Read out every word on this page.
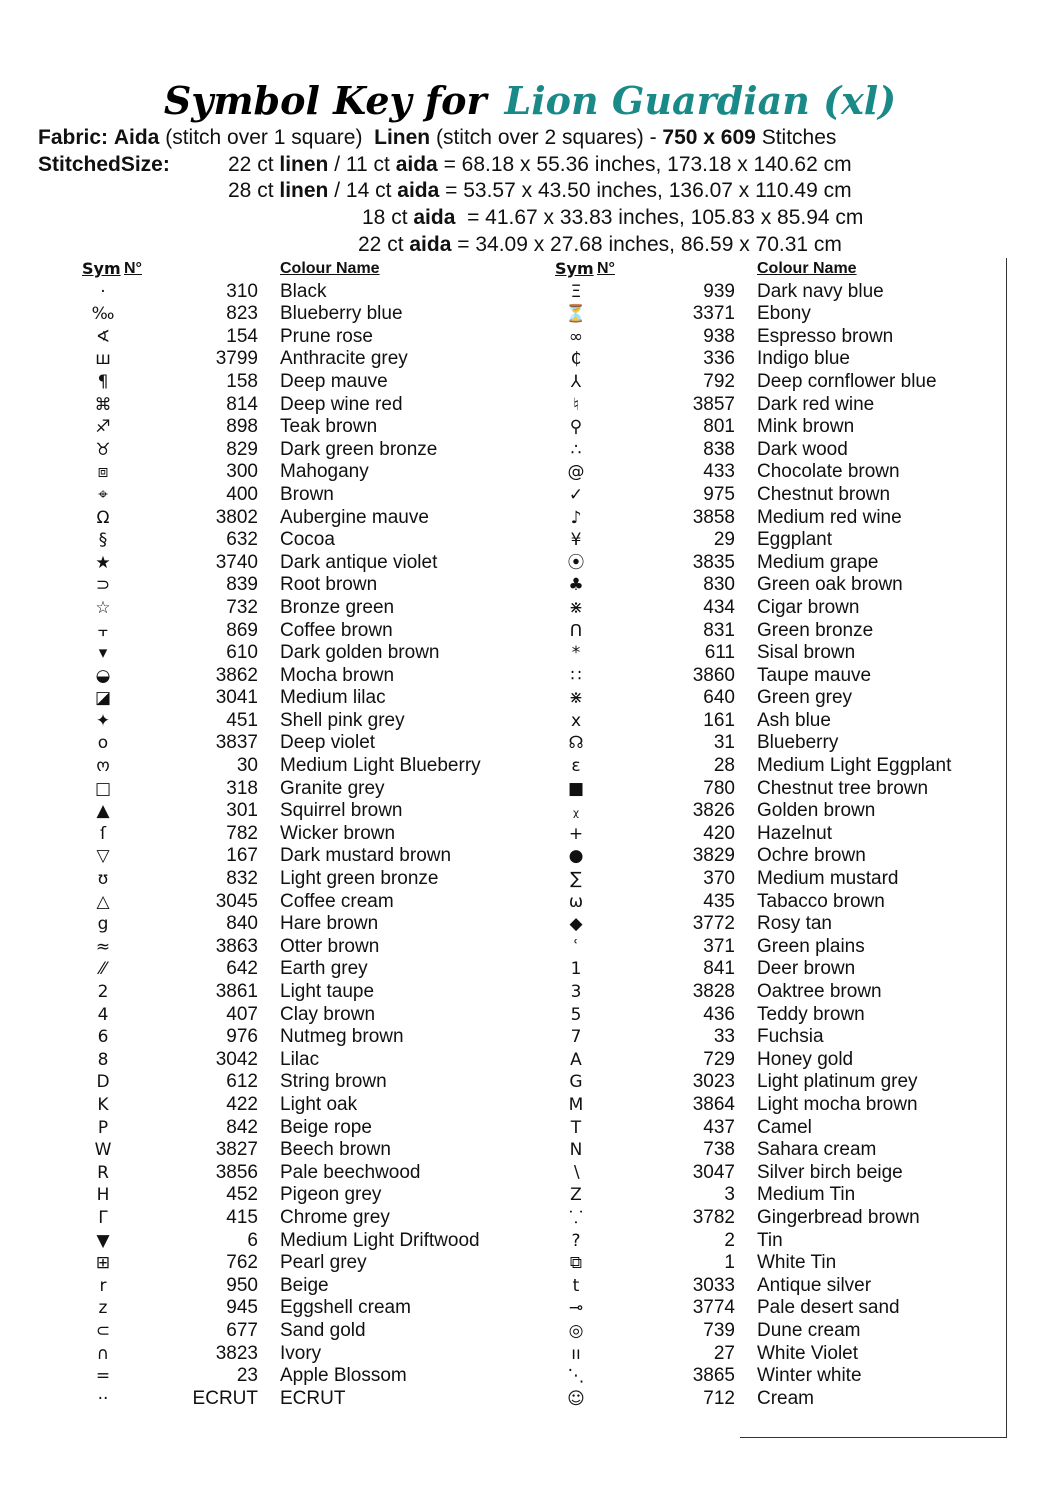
Symbol Key for Lion Guardian (xl)
Fabric: Aida (stitch over 1 square) Linen (stitch over 2 squares) - 750 x 609 Stitches
StitchedSize:	22 ct linen / 11 ct aida = 68.18 x 55.36 inches, 173.18 x 140.62 cm
28 ct linen / 14 ct aida = 53.57 x 43.50 inches, 136.07 x 110.49 cm
18 ct aida  = 41.67 x 33.83 inches, 105.83 x 85.94 cm
22 ct aida = 34.09 x 27.68 inches, 86.59 x 70.31 cm
Sym	N°	Colour Name
·	310	Black
‰	823	Blueberry blue
∢	154	Prune rose
ш	3799	Anthracite grey
¶	158	Deep mauve
⌘	814	Deep wine red
♐	898	Teak brown
♉	829	Dark green bronze
⧈	300	Mahogany
⌖	400	Brown
Ω	3802	Aubergine mauve
§	632	Cocoa
★	3740	Dark antique violet
⊃	839	Root brown
☆	732	Bronze green
⫟	869	Coffee brown
▾	610	Dark golden brown
◒	3862	Mocha brown
◪	3041	Medium lilac
✦	451	Shell pink grey
o	3837	Deep violet
ო	30	Medium Light Blueberry
□	318	Granite grey
▲	301	Squirrel brown
ſ	782	Wicker brown
▽	167	Dark mustard brown
ʊ	832	Light green bronze
△	3045	Coffee cream
g	840	Hare brown
≈	3863	Otter brown
⁄⁄	642	Earth grey
2	3861	Light taupe
4	407	Clay brown
6	976	Nutmeg brown
8	3042	Lilac
D	612	String brown
K	422	Light oak
P	842	Beige rope
W	3827	Beech brown
R	3856	Pale beechwood
H	452	Pigeon grey
Γ	415	Chrome grey
▼	6	Medium Light Driftwood
⊞	762	Pearl grey
r	950	Beige
z	945	Eggshell cream
⊂	677	Sand gold
∩	3823	Ivory
=	23	Apple Blossom
··	ECRUT	ECRUT
Sym	N°	Colour Name
Ξ	939	Dark navy blue
⏳	3371	Ebony
∞	938	Espresso brown
₵	336	Indigo blue
⅄	792	Deep cornflower blue
♮	3857	Dark red wine
⚲	801	Mink brown
∴	838	Dark wood
@	433	Chocolate brown
✓	975	Chestnut brown
♪	3858	Medium red wine
¥	29	Eggplant
⦿	3835	Medium grape
♣	830	Green oak brown
⋇	434	Cigar brown
ᑎ	831	Green bronze
*	611	Sisal brown
∷	3860	Taupe mauve
⋇	640	Green grey
x	161	Ash blue
☊	31	Blueberry
ɛ	28	Medium Light Eggplant
■	780	Chestnut tree brown
ᵪ	3826	Golden brown
+	420	Hazelnut
●	3829	Ochre brown
∑	370	Medium mustard
ω	435	Tabacco brown
◆	3772	Rosy tan
ʿ	371	Green plains
1	841	Deer brown
3	3828	Oaktree brown
5	436	Teddy brown
7	33	Fuchsia
A	729	Honey gold
G	3023	Light platinum grey
M	3864	Light mocha brown
T	437	Camel
N	738	Sahara cream
∖	3047	Silver birch beige
Z	3	Medium Tin
⸪	3782	Gingerbread brown
?	2	Tin
⧉	1	White Tin
t	3033	Antique silver
⊸	3774	Pale desert sand
◎	739	Dune cream
ıı	27	White Violet
⋱	3865	Winter white
☺	712	Cream
